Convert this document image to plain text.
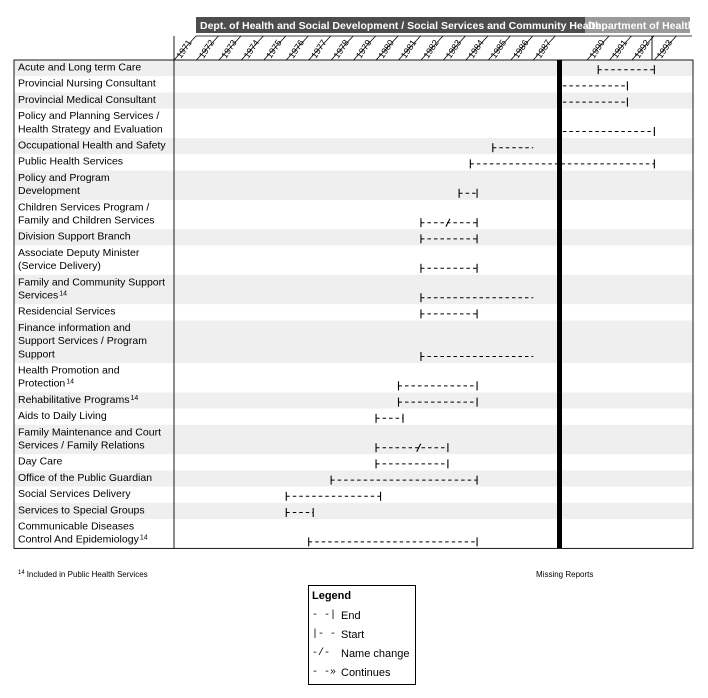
Dept. of Health and Social Development / Social Services and Community Health
Department of Health
1971 1972 1973 1974 1975 1976 1977 1978 1979 1980 1981 1982 1983 1984 1985 1986 1987	1990 1991 1992 1993
Acute and Long term Care
Provincial Nursing Consultant
Provincial Medical Consultant
Policy and Planning Services /
Health Strategy and Evaluation
Occupational Health and Safety
Public Health Services
Policy and Program
Development
Children Services Program /
Family and Children Services
Division Support Branch
Associate Deputy Minister
(Service Delivery)
Family and Community Support
Services$^{14}$
Residencial Services
Finance information and
Support Services / Program
Support
Health Promotion and
Protection$^{14}$
Rehabilitative Programs$^{14}$
Aids to Daily Living
Family Maintenance and Court
Services / Family Relations
Day Care
Office of the Public Guardian
Social Services Delivery
Services to Special Groups
Communicable Diseases
Control And Epidemiology$^{14}$
$^{14}$ Included in Public Health Services	Missing Reports
Legend
- -| End
|- - Start
-/- Name change
- -» Continues
